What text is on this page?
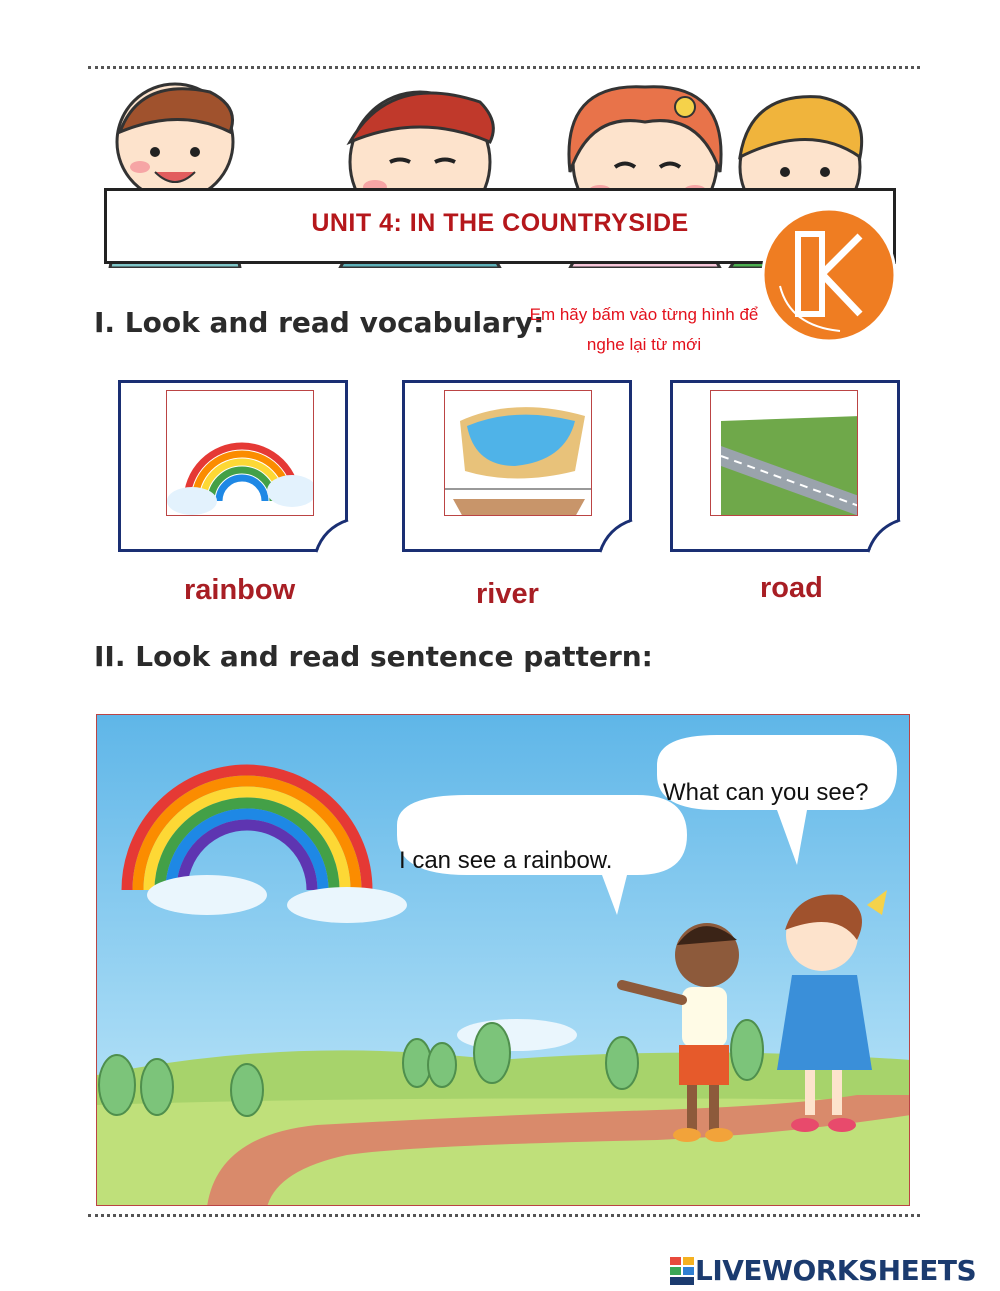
UNIT 4: IN THE COUNTRYSIDE
I. Look and read vocabulary:
Em hãy bấm vào từng hình để
nghe lại từ mới
rainbow	river	road
II. Look and read sentence pattern:
I can see a rainbow.
What can you see?
LIVEWORKSHEETS
